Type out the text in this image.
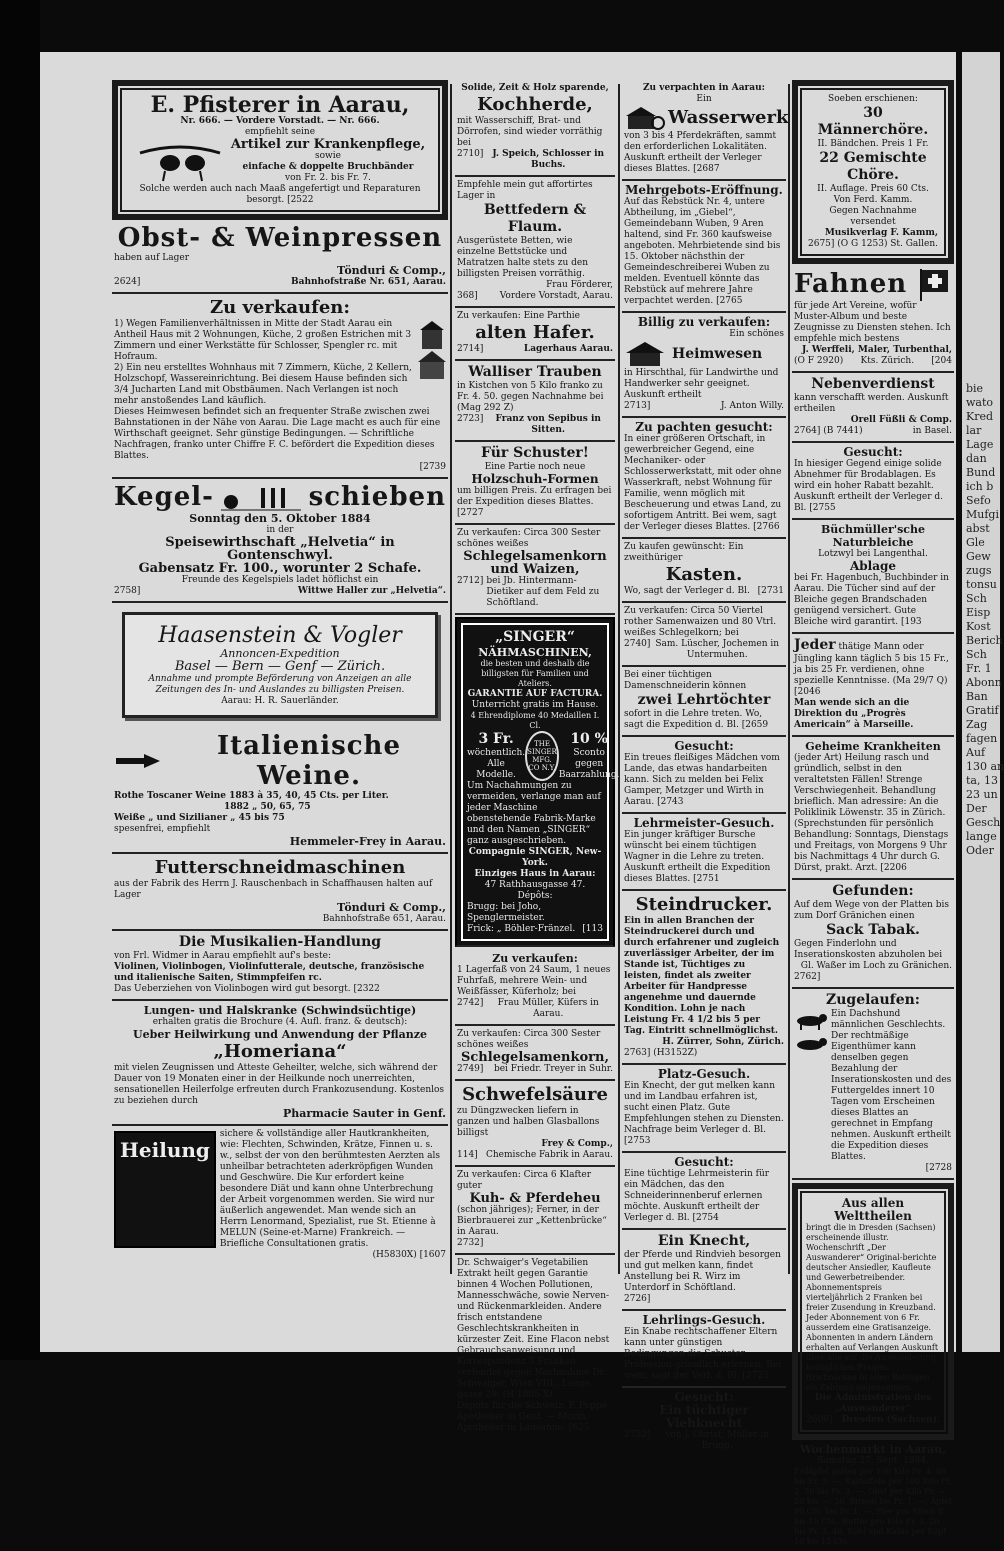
bie
wato
Kred
lar
Lage
dan
Bund
ich b
Sefo
Mufgi
abst
Gle
Gew
zugs
tonsu
Sch
Eisp
Kost
Berich
Sch
Fr. 1
Abonn
Ban
Gratif
Zag
fagen
Auf
130 an
ta, 13
23 un
Der
Gesch
lange
Oder
E. Pfisterer in Aarau,
Nr. 666. — Vordere Vorstadt. — Nr. 666.
empfiehlt seine
Artikel zur Krankenpflege,
sowie
einfache & doppelte Bruchbänder
von Fr. 2. bis Fr. 7.
Solche werden auch nach Maaß angefertigt und Reparaturen besorgt. [2522
Obst- & Weinpressen
haben auf Lager
Tönduri & Comp.,
2624]	Bahnhofstraße Nr. 651, Aarau.
Zu verkaufen:
1) Wegen Familienverhältnissen in Mitte der Stadt Aarau ein Antheil Haus mit 2 Wohnungen, Küche, 2 großen Estrichen mit 3 Zimmern und einer Werkstätte für Schlosser, Spengler rc. mit Hofraum.
2) Ein neu erstelltes Wohnhaus mit 7 Zimmern, Küche, 2 Kellern, Holzschopf, Wassereinrichtung. Bei diesem Hause befinden sich 3/4 Jucharten Land mit Obstbäumen. Nach Verlangen ist noch mehr anstoßendes Land käuflich.
Dieses Heimwesen befindet sich an frequenter Straße zwischen zwei Bahnstationen in der Nähe von Aarau. Die Lage macht es auch für eine Wirthschaft geeignet. Sehr günstige Bedingungen. — Schriftliche Nachfragen, franko unter Chiffre F. C. befördert die Expedition dieses Blattes.
[2739
Kegel-	schieben
Sonntag den 5. Oktober 1884
in der
Speisewirthschaft „Helvetia“ in Gontenschwyl.
Gabensatz Fr. 100., worunter 2 Schafe.
Freunde des Kegelspiels ladet höflichst ein
2758]	Wittwe Haller zur „Helvetia“.
Haasenstein & Vogler
Annoncen-Expedition
Basel — Bern — Genf — Zürich.
Annahme und prompte Beförderung von Anzeigen an alle Zeitungen des In- und Auslandes zu billigsten Preisen.
Aarau: H. R. Sauerländer.
Italienische Weine.
Rothe Toscaner Weine 1883 à 35, 40, 45 Cts. per Liter.
1882 „ 50, 65, 75
Weiße „ und Sizilianer „ 45 bis 75
spesenfrei, empfiehlt
Hemmeler-Frey in Aarau.
Futterschneidmaschinen
aus der Fabrik des Herrn J. Rauschenbach in Schaffhausen halten auf Lager
Tönduri & Comp.,
Bahnhofstraße 651, Aarau.
Die Musikalien-Handlung
von Frl. Widmer in Aarau empfiehlt auf's beste:
Violinen, Violinbogen, Violinfutterale, deutsche, französische und italienische Saiten, Stimmpfeifen rc.
Das Ueberziehen von Violinbogen wird gut besorgt. [2322
Lungen- und Halskranke (Schwindsüchtige)
erhalten gratis die Brochure (4. Aufl. franz. & deutsch):
Ueber Heilwirkung und Anwendung der Pflanze
„Homeriana“
mit vielen Zeugnissen und Atteste Geheilter, welche, sich während der Dauer von 19 Monaten einer in der Heilkunde noch unerreichten, sensationellen Heilerfolge erfreuten durch Frankozusendung. Kostenlos zu beziehen durch
Pharmacie Sauter in Genf.
Heilung
sichere & vollständige aller Hautkrankheiten, wie: Flechten, Schwinden, Krätze, Finnen u. s. w., selbst der von den berühmtesten Aerzten als unheilbar betrachteten aderkröpfigen Wunden und Geschwüre. Die Kur erfordert keine besondere Diät und kann ohne Unterbrechung der Arbeit vorgenommen werden. Sie wird nur äußerlich angewendet. Man wende sich an Herrn Lenormand, Spezialist, rue St. Etienne à MELUN (Seine-et-Marne) Frankreich. — Briefliche Consultationen gratis.
(H5830X) [1607
Solide, Zeit & Holz sparende,
Kochherde,
mit Wasserschiff, Brat- und Dörrofen, sind wieder vorräthig bei
2710] J. Speich, Schlosser in Buchs.
Empfehle mein gut affortirtes Lager in
Bettfedern & Flaum.
Ausgerüstete Betten, wie einzelne Bettstücke und Matratzen halte stets zu den billigsten Preisen vorräthig.
Frau Förderer,
368] Vordere Vorstadt, Aarau.
Zu verkaufen: Eine Parthie
alten Hafer.
2714]	Lagerhaus Aarau.
Walliser Trauben
in Kistchen von 5 Kilo franko zu Fr. 4. 50. gegen Nachnahme bei (Mag 292 Z)
2723]	Franz von Sepibus in Sitten.
Für Schuster!
Eine Partie noch neue
Holzschuh-Formen
um billigen Preis. Zu erfragen bei der Expedition dieses Blattes. [2727
Zu verkaufen: Circa 300 Sester schönes weißes
Schlegelsamenkorn
und Waizen,
2712] bei Jb. Hintermann-Dietiker auf dem Feld zu Schöftland.
„SINGER“
NÄHMASCHINEN,
die besten und deshalb die billigsten für Familien und Ateliers.
GARANTIE AUF FACTURA.
Unterricht gratis im Hause.
4 Ehrendiplome 40 Medaillen I. Cl.
3 Fr.
wöchentlich.
Alle Modelle.
THE SINGER MFG. CO N.Y.
10 %
Sconto gegen Baarzahlung.
Um Nachahmungen zu vermeiden, verlange man auf jeder Maschine obenstehende Fabrik-Marke und den Namen „SINGER“ ganz ausgeschrieben.
Compagnie SINGER, New-York.
Einziges Haus in Aarau:
47 Rathhausgasse 47.
Dépôts:
Brugg: bei Joho, Spenglermeister.
Frick: „ Böhler-Fränzel. [113
Zu verkaufen:
1 Lagerfaß von 24 Saum, 1 neues Fuhrfaß, mehrere Wein- und Weißfässer, Küferholz; bei
2742]	Frau Müller, Küfers in Aarau.
Zu verkaufen: Circa 300 Sester schönes weißes
Schlegelsamenkorn,
2749] bei Friedr. Treyer in Suhr.
Schwefelsäure
zu Düngzwecken liefern in ganzen und halben Glasballons billigst
Frey & Comp.,
114] Chemische Fabrik in Aarau.
Zu verkaufen: Circa 6 Klafter guter
Kuh- & Pferdeheu
(schon jähriges); Ferner, in der Bierbrauerei zur „Kettenbrücke“ in Aarau.
2732]
Dr. Schwaiger's Vegetabilien Extrakt heilt gegen Garantie binnen 4 Wochen Pollutionen, Mannesschwäche, sowie Nerven- und Rückenmarkleiden. Andere frisch entstandene Geschlechtskrankheiten in kürzester Zeit. Eine Flacon nebst Gebrauchsanweisung und Korrespondenz 5 Franken verfendet gegen Nachnahme Dr. Schwaiger, Wien VIII., Lange gasse 29. (H 1805 X)
Depots für die Schweiz: F. Poppé, Apotheker in Genf. — Morin, Apotheker in Lausanne. [625
Zu verpachten in Aarau:
Ein
Wasserwerk
von 3 bis 4 Pferdekräften, sammt den erforderlichen Lokalitäten. Auskunft ertheilt der Verleger dieses Blattes. [2687
Mehrgebots-Eröffnung.
Auf das Rebstück Nr. 4, untere Abtheilung, im „Giebel“, Gemeindebann Wuben, 9 Aren haltend, sind Fr. 360 kaufsweise angeboten. Mehrbietende sind bis 15. Oktober nächsthin der Gemeindeschreiberei Wuben zu melden. Eventuell könnte das Rebstück auf mehrere Jahre verpachtet werden. [2765
Billig zu verkaufen:
Ein schönes
Heimwesen
in Hirschthal, für Landwirthe und Handwerker sehr geeignet. Auskunft ertheilt
2713]	J. Anton Willy.
Zu pachten gesucht:
In einer größeren Ortschaft, in gewerbreicher Gegend, eine Mechaniker- oder Schlosserwerkstatt, mit oder ohne Wasserkraft, nebst Wohnung für Familie, wenn möglich mit Bescheuerung und etwas Land, zu sofortigem Antritt. Bei wem, sagt der Verleger dieses Blattes. [2766
Zu kaufen gewünscht: Ein zweithüriger
Kasten.
Wo, sagt der Verleger d. Bl. [2731
Zu verkaufen: Circa 50 Viertel rother Samenwaizen und 80 Vtrl. weißes Schlegelkorn; bei
2740] Sam. Lüscher, Jochemen in Untermuhen.
Bei einer tüchtigen Damenschneiderin können
zwei Lehrtöchter
sofort in die Lehre treten. Wo, sagt die Expedition d. Bl. [2659
Gesucht:
Ein treues fleißiges Mädchen vom Lande, das etwas handarbeiten kann. Sich zu melden bei Felix Gamper, Metzger und Wirth in Aarau. [2743
Lehrmeister-Gesuch.
Ein junger kräftiger Bursche wünscht bei einem tüchtigen Wagner in die Lehre zu treten. Auskunft ertheilt die Expedition dieses Blattes. [2751
Steindrucker.
Ein in allen Branchen der Steindruckerei durch und durch erfahrener und zugleich zuverlässiger Arbeiter, der im Stande ist, Tüchtiges zu leisten, findet als zweiter Arbeiter für Handpresse angenehme und dauernde Kondition. Lohn je nach Leistung Fr. 4 1/2 bis 5 per Tag. Eintritt schnellmöglichst.
H. Zürrer, Sohn, Zürich.
2763] (H3152Z)
Platz-Gesuch.
Ein Knecht, der gut melken kann und im Landbau erfahren ist, sucht einen Platz. Gute Empfehlungen stehen zu Diensten. Nachfrage beim Verleger d. Bl. [2753
Gesucht:
Eine tüchtige Lehrmeisterin für ein Mädchen, das den Schneiderinnenberuf erlernen möchte. Auskunft ertheilt der Verleger d. Bl. [2754
Ein Knecht,
der Pferde und Rindvieh besorgen und gut melken kann, findet Anstellung bei R. Wirz im Unterdorf in Schöftland.
2726]
Lehrlings-Gesuch.
Ein Knabe rechtschaffener Eltern kann unter günstigen Bedingungen die Schuster-Profession gründlich erlernen. Bei wem, sagt der Verl. d. Bl. [2725
Gesucht:
Ein tüchtiger Viehknecht
2752]	von J. Obrist, Müller in Brugg.
Soeben erschienen:
30 Männerchöre.
II. Bändchen. Preis 1 Fr.
22 Gemischte Chöre.
II. Auflage. Preis 60 Cts.
Von Ferd. Kamm.
Gegen Nachnahme versendet
Musikverlag F. Kamm,
2675] (O G 1253) St. Gallen.
Fahnen
für jede Art Vereine, wofür Muster-Album und beste Zeugnisse zu Diensten stehen. Ich empfehle mich bestens
J. Werffeli, Maler, Turbenthal,
(O F 2920) Kts. Zürich. [204
Nebenverdienst
kann verschafft werden. Auskunft ertheilen
Orell Füßli & Comp.
2764] (B 7441)	in Basel.
Gesucht:
In hiesiger Gegend einige solide Abnehmer für Brodablagen. Es wird ein hoher Rabatt bezahlt. Auskunft ertheilt der Verleger d. Bl. [2755
Büchmüller'sche Naturbleiche
Lotzwyl bei Langenthal.
Ablage
bei Fr. Hagenbuch, Buchbinder in Aarau. Die Tücher sind auf der Bleiche gegen Brandschaden genügend versichert. Gute Bleiche wird garantirt. [193
Jeder thätige Mann oder Jüngling kann täglich 5 bis 15 Fr., ja bis 25 Fr. verdienen, ohne spezielle Kenntnisse. (Ma 29/7 Q) [2046
Man wende sich an die Direktion du „Progrès Americain“ à Marseille.
Geheime Krankheiten
(jeder Art) Heilung rasch und gründlich, selbst in den veraltetsten Fällen! Strenge Verschwiegenheit. Behandlung brieflich. Man adressire: An die Poliklinik Löwenstr. 35 in Zürich. (Sprechstunden für persönlich Behandlung: Sonntags, Dienstags und Freitags, von Morgens 9 Uhr bis Nachmittags 4 Uhr durch G. Dürst, prakt. Arzt. [2206
Gefunden:
Auf dem Wege von der Platten bis zum Dorf Gränichen einen
Sack Tabak.
Gegen Finderlohn und Inserationskosten abzuholen bei
Gl. Waßer im Loch zu Gränichen.
2762]
Zugelaufen:
Ein Dachshund männlichen Geschlechts. Der rechtmäßige Eigenthümer kann denselben gegen Bezahlung der Inserationskosten und des Futtergeldes innert 10 Tagen vom Erscheinen dieses Blattes an gerechnet in Empfang nehmen. Auskunft ertheilt die Expedition dieses Blattes.
[2728
Aus allen Welttheilen
bringt die in Dresden (Sachsen) erscheinende illustr. Wochenschrift „Der Auswanderer“ Original-berichte deutscher Ansiedler, Kaufleute und Gewerbetreibender. Abonnementspreis vierteljährlich 2 Franken bei freier Zusendung in Kreuzband. Jeder Abonnement von 6 Fr. ausserdem eine Gratisanzeige. Abonnenten in andern Ländern erhalten auf Verlangen Auskunft über alle auf die Auswanderung bezüglichen Fragen.
Briefmarken in allen Beträgen als Zahlung angenommen.
Die Administration des „Auswanderer“
2600] Dresden (Sachsen).
Wochenmarkt in Aarau,
Samstag 27. Sept. 1884.
Erdäpfel galten per 100 Kilo Fr. 4. 50 bis Fr. 5. —, Kartoffeln per 100 Kilo Fr. 2. 50 bis Fr. 3. —, Obst per Kilo Fr. —. 20 bis —. 30, Birnen bis Fr. 1. —, Äpfel 80 Cts. bis Fr. 1. —, Eier pro Stück 8 bis 10 Cts., Butter pro Kilo Fr. 3. 20 bis Fr. 3. 40, Kohl und Kabis per Kopf 10 bis 15 Cts.
